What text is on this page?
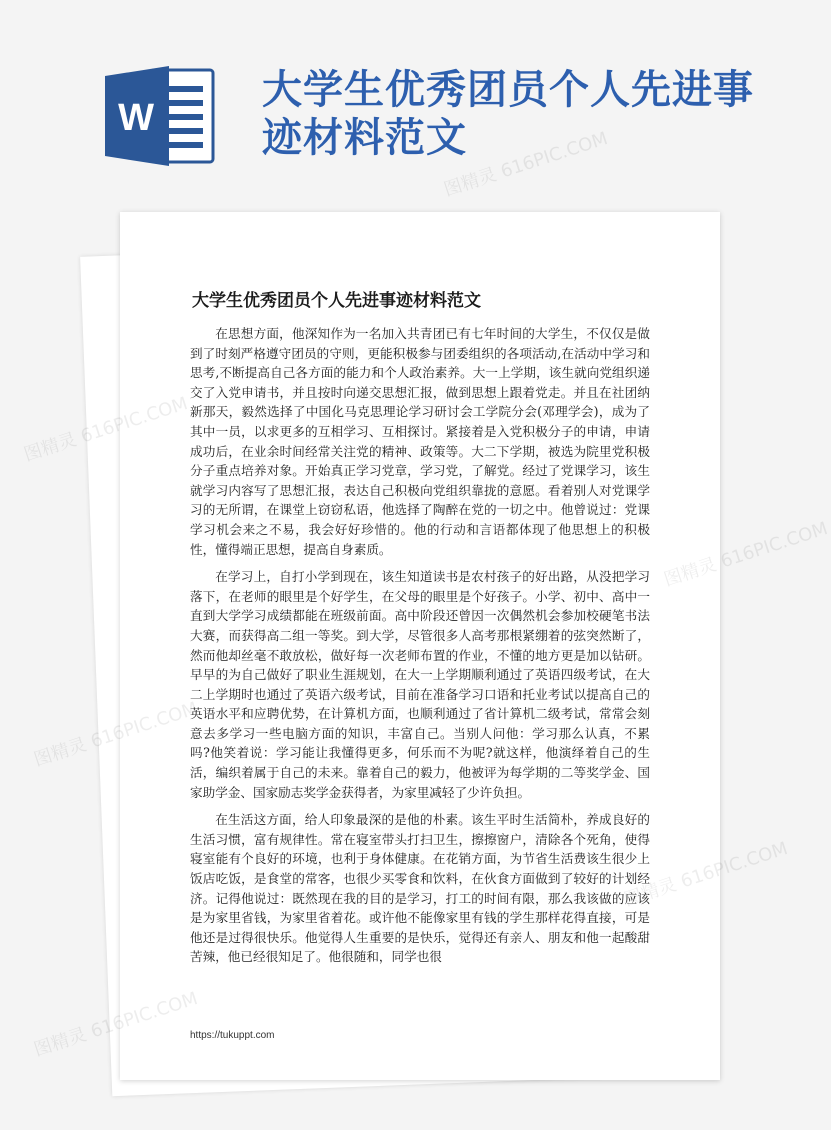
W
大学生优秀团员个人先进事迹材料范文
大学生优秀团员个人先进事迹材料范文

在思想方面，他深知作为一名加入共青团已有七年时间的大学生，不仅仅是做到了时刻严格遵守团员的守则，更能积极参与团委组织的各项活动,在活动中学习和思考,不断提高自己各方面的能力和个人政治素养。大一上学期，该生就向党组织递交了入党申请书，并且按时向递交思想汇报，做到思想上跟着党走。并且在社团纳新那天，毅然选择了中国化马克思理论学习研讨会工学院分会(邓理学会)，成为了其中一员，以求更多的互相学习、互相探讨。紧接着是入党积极分子的申请，申请成功后，在业余时间经常关注党的精神、政策等。大二下学期，被选为院里党积极分子重点培养对象。开始真正学习党章，学习党，了解党。经过了党课学习，该生就学习内容写了思想汇报，表达自己积极向党组织靠拢的意愿。看着别人对党课学习的无所谓，在课堂上窃窃私语，他选择了陶醉在党的一切之中。他曾说过：党课学习机会来之不易，我会好好珍惜的。他的行动和言语都体现了他思想上的积极性，懂得端正思想，提高自身素质。

在学习上，自打小学到现在，该生知道读书是农村孩子的好出路，从没把学习落下，在老师的眼里是个好学生，在父母的眼里是个好孩子。小学、初中、高中一直到大学学习成绩都能在班级前面。高中阶段还曾因一次偶然机会参加校硬笔书法大赛，而获得高二组一等奖。到大学，尽管很多人高考那根紧绷着的弦突然断了，然而他却丝毫不敢放松，做好每一次老师布置的作业，不懂的地方更是加以钻研。早早的为自己做好了职业生涯规划，在大一上学期顺利通过了英语四级考试，在大二上学期时也通过了英语六级考试，目前在准备学习口语和托业考试以提高自己的英语水平和应聘优势，在计算机方面，也顺利通过了省计算机二级考试，常常会刻意去多学习一些电脑方面的知识，丰富自己。当别人问他：学习那么认真，不累吗?他笑着说：学习能让我懂得更多，何乐而不为呢?就这样，他演绎着自己的生活，编织着属于自己的未来。靠着自己的毅力，他被评为每学期的二等奖学金、国家助学金、国家励志奖学金获得者，为家里减轻了少许负担。

在生活这方面，给人印象最深的是他的朴素。该生平时生活简朴，养成良好的生活习惯，富有规律性。常在寝室带头打扫卫生，擦擦窗户，清除各个死角，使得寝室能有个良好的环境，也利于身体健康。在花销方面，为节省生活费该生很少上饭店吃饭，是食堂的常客，也很少买零食和饮料，在伙食方面做到了较好的计划经济。记得他说过：既然现在我的目的是学习，打工的时间有限，那么我该做的应该是为家里省钱，为家里省着花。或许他不能像家里有钱的学生那样花得直接，可是他还是过得很快乐。他觉得人生重要的是快乐，觉得还有亲人、朋友和他一起酸甜苦辣，他已经很知足了。他很随和，同学也很

https://tukuppt.com
图精灵 616PIC.COM
图精灵
图精灵 616PIC.COM
图精灵
616PIC.COM
图精灵
